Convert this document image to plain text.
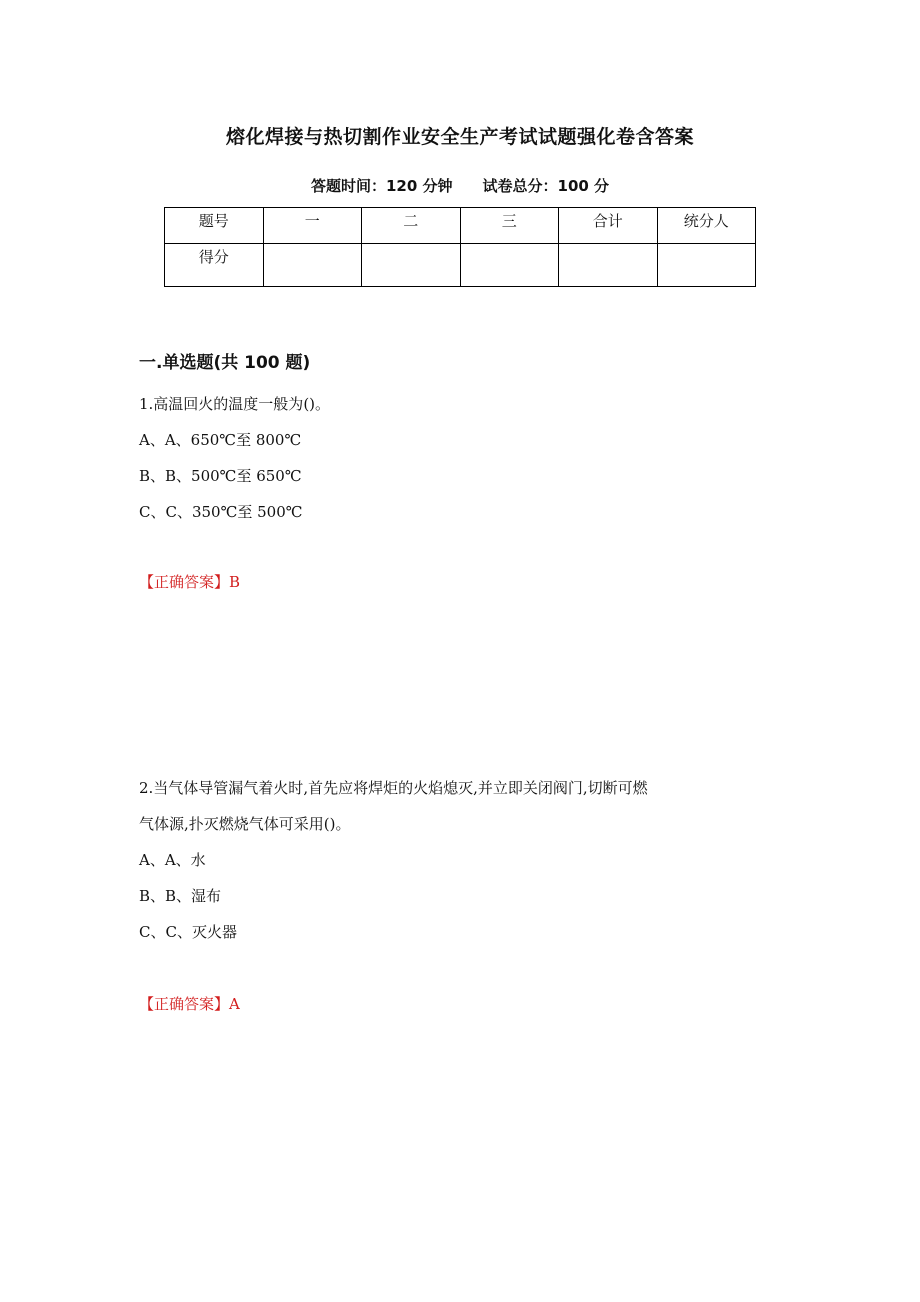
熔化焊接与热切割作业安全生产考试试题强化卷含答案
答题时间：120 分钟 试卷总分：100 分
题号	一	二	三	合计	统分人
得分					
一.单选题(共 100 题)
1.高温回火的温度一般为()。
A、A、650℃至 800℃
B、B、500℃至 650℃
C、C、350℃至 500℃
【正确答案】B
2.当气体导管漏气着火时,首先应将焊炬的火焰熄灭,并立即关闭阀门,切断可燃
气体源,扑灭燃烧气体可采用()。
A、A、水
B、B、湿布
C、C、灭火器
【正确答案】A
